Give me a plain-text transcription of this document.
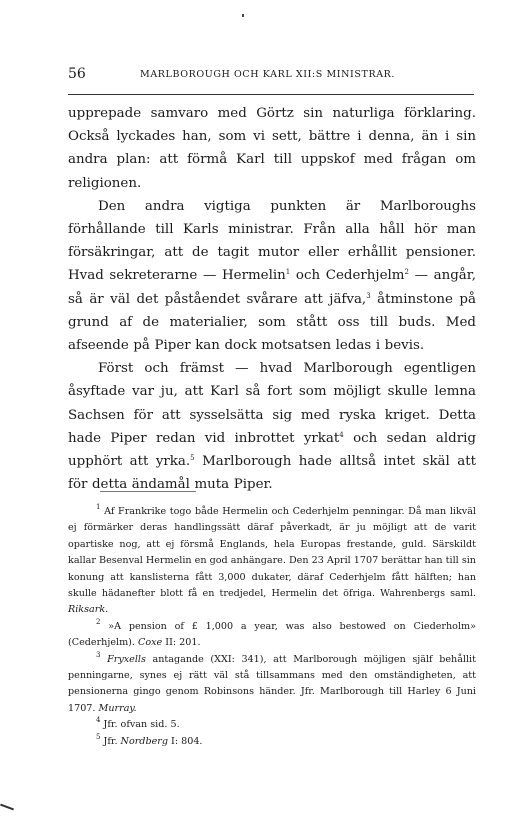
56	MARLBOROUGH OCH KARL XII:S MINISTRAR.

upprepade samvaro med Görtz sin naturliga förklaring. Också lyckades han, som vi sett, bättre i denna, än i sin andra plan: att förmå Karl till uppskof med frågan om religionen.

Den andra vigtiga punkten är Marlboroughs förhållande till Karls ministrar. Från alla håll hör man försäkringar, att de tagit mutor eller erhållit pensioner. Hvad sekreterarne — Hermelin$^1$ och Cederhjelm$^2$ — angår, så är väl det påståendet svårare att jäfva,$^3$ åtminstone på grund af de materialier, som stått oss till buds. Med afseende på Piper kan dock motsatsen ledas i bevis.

Först och främst — hvad Marlborough egentligen åsyftade var ju, att Karl så fort som möjligt skulle lemna Sachsen för att sysselsätta sig med ryska kriget. Detta hade Piper redan vid inbrottet yrkat$^4$ och sedan aldrig upphört att yrka.$^5$ Marlborough hade alltså intet skäl att för detta ändamål muta Piper.

$^1$ Af Frankrike togo både Hermelin och Cederhjelm penningar. Då man likväl ej förmärker deras handlingssätt däraf påverkadt, är ju möjligt att de varit opartiske nog, att ej försmå Englands, hela Europas frestande, guld. Särskildt kallar Besenval Hermelin en god anhängare. Den 23 April 1707 berättar han till sin konung att kanslisterna fått 3,000 dukater, däraf Cederhjelm fått hälften; han skulle hädanefter blott få en tredjedel, Hermelin det öfriga. Wahrenbergs saml. Riksark.

$^2$ »A pension of £ 1,000 a year, was also bestowed on Ciederholm» (Cederhjelm). Coxe II: 201.

$^3$ Fryxells antagande (XXI: 341), att Marlborough möjligen själf behållit penningarne, synes ej rätt väl stå tillsammans med den omständigheten, att pensionerna gingo genom Robinsons händer. Jfr. Marlborough till Harley 6 Juni 1707. Murray.

$^4$ Jfr. ofvan sid. 5.

$^5$ Jfr. Nordberg I: 804.
